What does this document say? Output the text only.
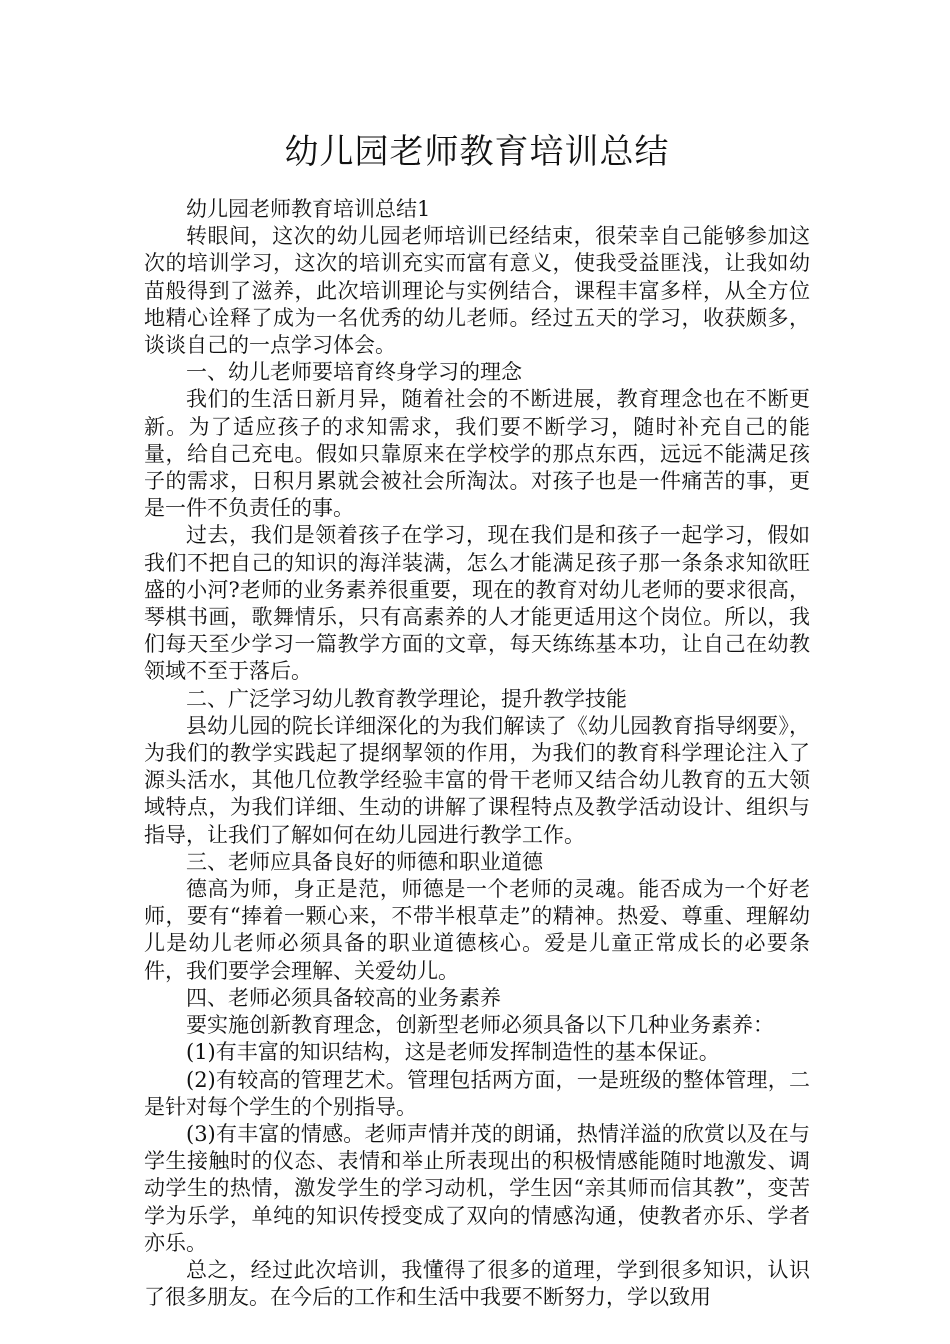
幼儿园老师教育培训总结

幼儿园老师教育培训总结1

转眼间，这次的幼儿园老师培训已经结束，很荣幸自己能够参加这次的培训学习，这次的培训充实而富有意义，使我受益匪浅，让我如幼苗般得到了滋养，此次培训理论与实例结合，课程丰富多样，从全方位地精心诠释了成为一名优秀的幼儿老师。经过五天的学习，收获颇多，谈谈自己的一点学习体会。

一、幼儿老师要培育终身学习的理念

我们的生活日新月异，随着社会的不断进展，教育理念也在不断更新。为了适应孩子的求知需求，我们要不断学习，随时补充自己的能量，给自己充电。假如只靠原来在学校学的那点东西，远远不能满足孩子的需求，日积月累就会被社会所淘汰。对孩子也是一件痛苦的事，更是一件不负责任的事。

过去，我们是领着孩子在学习，现在我们是和孩子一起学习，假如我们不把自己的知识的海洋装满，怎么才能满足孩子那一条条求知欲旺盛的小河?老师的业务素养很重要，现在的教育对幼儿老师的要求很高，琴棋书画，歌舞情乐，只有高素养的人才能更适用这个岗位。所以，我们每天至少学习一篇教学方面的文章，每天练练基本功，让自己在幼教领域不至于落后。

二、广泛学习幼儿教育教学理论，提升教学技能

县幼儿园的院长详细深化的为我们解读了《幼儿园教育指导纲要》，为我们的教学实践起了提纲挈领的作用，为我们的教育科学理论注入了源头活水，其他几位教学经验丰富的骨干老师又结合幼儿教育的五大领域特点，为我们详细、生动的讲解了课程特点及教学活动设计、组织与指导，让我们了解如何在幼儿园进行教学工作。

三、老师应具备良好的师德和职业道德

德高为师，身正是范，师德是一个老师的灵魂。能否成为一个好老师，要有“捧着一颗心来，不带半根草走”的精神。热爱、尊重、理解幼儿是幼儿老师必须具备的职业道德核心。爱是儿童正常成长的必要条件，我们要学会理解、关爱幼儿。

四、老师必须具备较高的业务素养

要实施创新教育理念，创新型老师必须具备以下几种业务素养：

(1)有丰富的知识结构，这是老师发挥制造性的基本保证。

(2)有较高的管理艺术。管理包括两方面，一是班级的整体管理，二是针对每个学生的个别指导。

(3)有丰富的情感。老师声情并茂的朗诵，热情洋溢的欣赏以及在与学生接触时的仪态、表情和举止所表现出的积极情感能随时地激发、调动学生的热情，激发学生的学习动机，学生因“亲其师而信其教”，变苦学为乐学，单纯的知识传授变成了双向的情感沟通，使教者亦乐、学者亦乐。

总之，经过此次培训，我懂得了很多的道理，学到很多知识，认识了很多朋友。在今后的工作和生活中我要不断努力，学以致用
